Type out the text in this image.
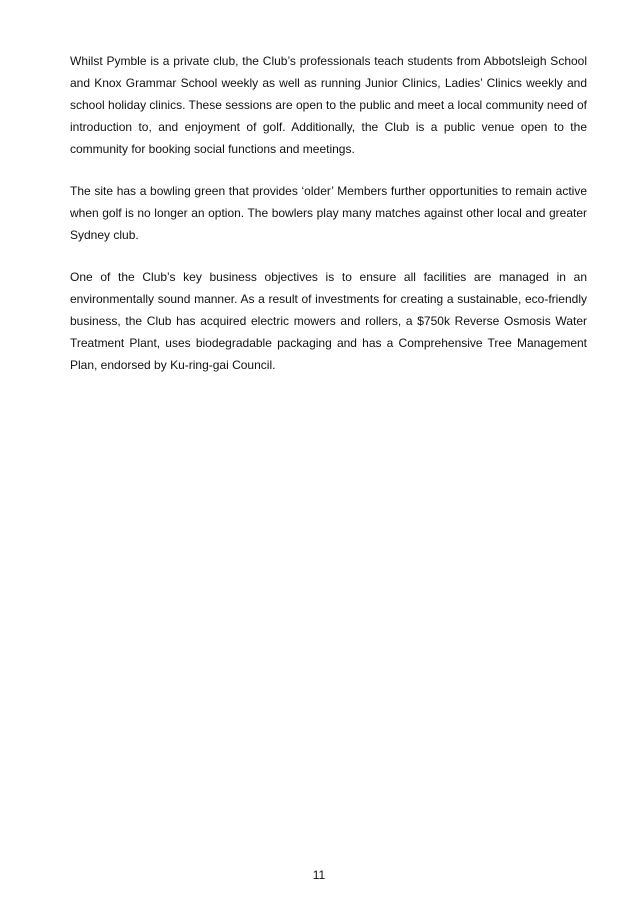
Whilst Pymble is a private club, the Club’s professionals teach students from Abbotsleigh School and Knox Grammar School weekly as well as running Junior Clinics, Ladies’ Clinics weekly and school holiday clinics. These sessions are open to the public and meet a local community need of introduction to, and enjoyment of golf. Additionally, the Club is a public venue open to the community for booking social functions and meetings.

The site has a bowling green that provides ‘older’ Members further opportunities to remain active when golf is no longer an option. The bowlers play many matches against other local and greater Sydney club.

One of the Club’s key business objectives is to ensure all facilities are managed in an environmentally sound manner. As a result of investments for creating a sustainable, eco-friendly business, the Club has acquired electric mowers and rollers, a $750k Reverse Osmosis Water Treatment Plant, uses biodegradable packaging and has a Comprehensive Tree Management Plan, endorsed by Ku-ring-gai Council.

11
